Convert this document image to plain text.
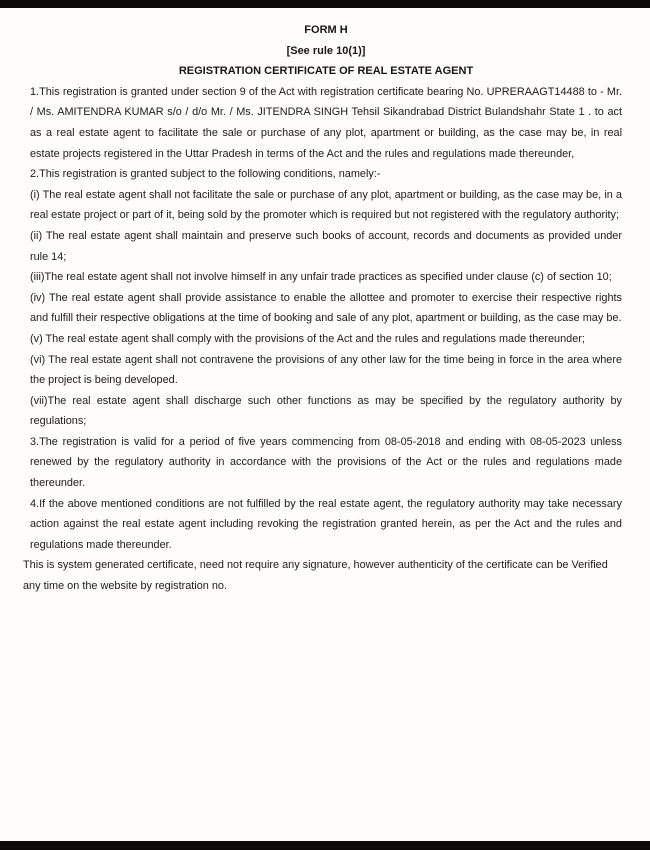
FORM H

[See rule 10(1)]

REGISTRATION CERTIFICATE OF REAL ESTATE AGENT

1.This registration is granted under section 9 of the Act with registration certificate bearing No. UPRERAAGT14488 to - Mr. / Ms. AMITENDRA KUMAR s/o / d/o Mr. / Ms. JITENDRA SINGH Tehsil Sikandrabad District Bulandshahr State 1 . to act as a real estate agent to facilitate the sale or purchase of any plot, apartment or building, as the case may be, in real estate projects registered in the Uttar Pradesh in terms of the Act and the rules and regulations made thereunder,

2.This registration is granted subject to the following conditions, namely:-

(i) The real estate agent shall not facilitate the sale or purchase of any plot, apartment or building, as the case may be, in a real estate project or part of it, being sold by the promoter which is required but not registered with the regulatory authority;

(ii) The real estate agent shall maintain and preserve such books of account, records and documents as provided under rule 14;

(iii)The real estate agent shall not involve himself in any unfair trade practices as specified under clause (c) of section 10;

(iv) The real estate agent shall provide assistance to enable the allottee and promoter to exercise their respective rights and fulfill their respective obligations at the time of booking and sale of any plot, apartment or building, as the case may be.

(v) The real estate agent shall comply with the provisions of the Act and the rules and regulations made thereunder;

(vi) The real estate agent shall not contravene the provisions of any other law for the time being in force in the area where the project is being developed.

(vii)The real estate agent shall discharge such other functions as may be specified by the regulatory authority by regulations;

3.The registration is valid for a period of five years commencing from 08-05-2018 and ending with 08-05-2023 unless renewed by the regulatory authority in accordance with the provisions of the Act or the rules and regulations made thereunder.

4.If the above mentioned conditions are not fulfilled by the real estate agent, the regulatory authority may take necessary action against the real estate agent including revoking the registration granted herein, as per the Act and the rules and regulations made thereunder.

This is system generated certificate, need not require any signature, however authenticity of the certificate can be Verified any time on the website by registration no.
